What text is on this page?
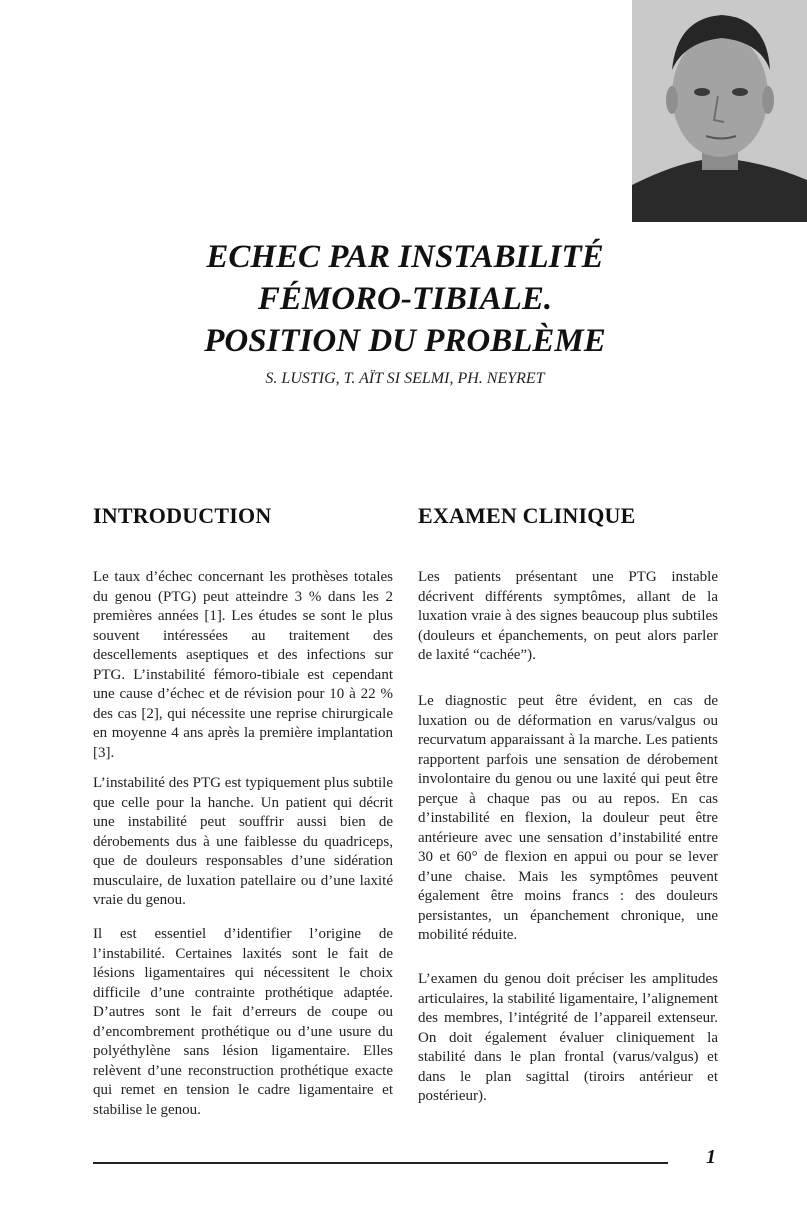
ECHEC PAR INSTABILITÉ
FÉMORO-TIBIALE.
POSITION DU PROBLÈME
S. LUSTIG, T. AÏT SI SELMI, PH. NEYRET
INTRODUCTION

Le taux d’échec concernant les prothèses totales du genou (PTG) peut atteindre 3 % dans les 2 premières années [1]. Les études se sont le plus souvent intéressées au traitement des descellements aseptiques et des infections sur PTG. L’instabilité fémoro-tibiale est cependant une cause d’échec et de révision pour 10 à 22 % des cas [2], qui nécessite une reprise chirurgicale en moyenne 4 ans après la première implantation [3].

L’instabilité des PTG est typiquement plus subtile que celle pour la hanche. Un patient qui décrit une instabilité peut souffrir aussi bien de dérobements dus à une faiblesse du quadriceps, que de douleurs responsables d’une sidération musculaire, de luxation patellaire ou d’une laxité vraie du genou.

Il est essentiel d’identifier l’origine de l’instabilité. Certaines laxités sont le fait de lésions ligamentaires qui nécessitent le choix difficile d’une contrainte prothétique adaptée. D’autres sont le fait d’erreurs de coupe ou d’encombrement prothétique ou d’une usure du polyéthylène sans lésion ligamentaire. Elles relèvent d’une reconstruction prothétique exacte qui remet en tension le cadre ligamentaire et stabilise le genou.

EXAMEN CLINIQUE

Les patients présentant une PTG instable décrivent différents symptômes, allant de la luxation vraie à des signes beaucoup plus subtiles (douleurs et épanchements, on peut alors parler de laxité “cachée”).

Le diagnostic peut être évident, en cas de luxation ou de déformation en varus/valgus ou recurvatum apparaissant à la marche. Les patients rapportent parfois une sensation de dérobement involontaire du genou ou une laxité qui peut être perçue à chaque pas ou au repos. En cas d’instabilité en flexion, la douleur peut être antérieure avec une sensation d’instabilité entre 30 et 60° de flexion en appui ou pour se lever d’une chaise. Mais les symptômes peuvent également être moins francs : des douleurs persistantes, un épanchement chronique, une mobilité réduite.

L’examen du genou doit préciser les amplitudes articulaires, la stabilité ligamentaire, l’alignement des membres, l’intégrité de l’appareil extenseur. On doit également évaluer cliniquement la stabilité dans le plan frontal (varus/valgus) et dans le plan sagittal (tiroirs antérieur et postérieur).

1
